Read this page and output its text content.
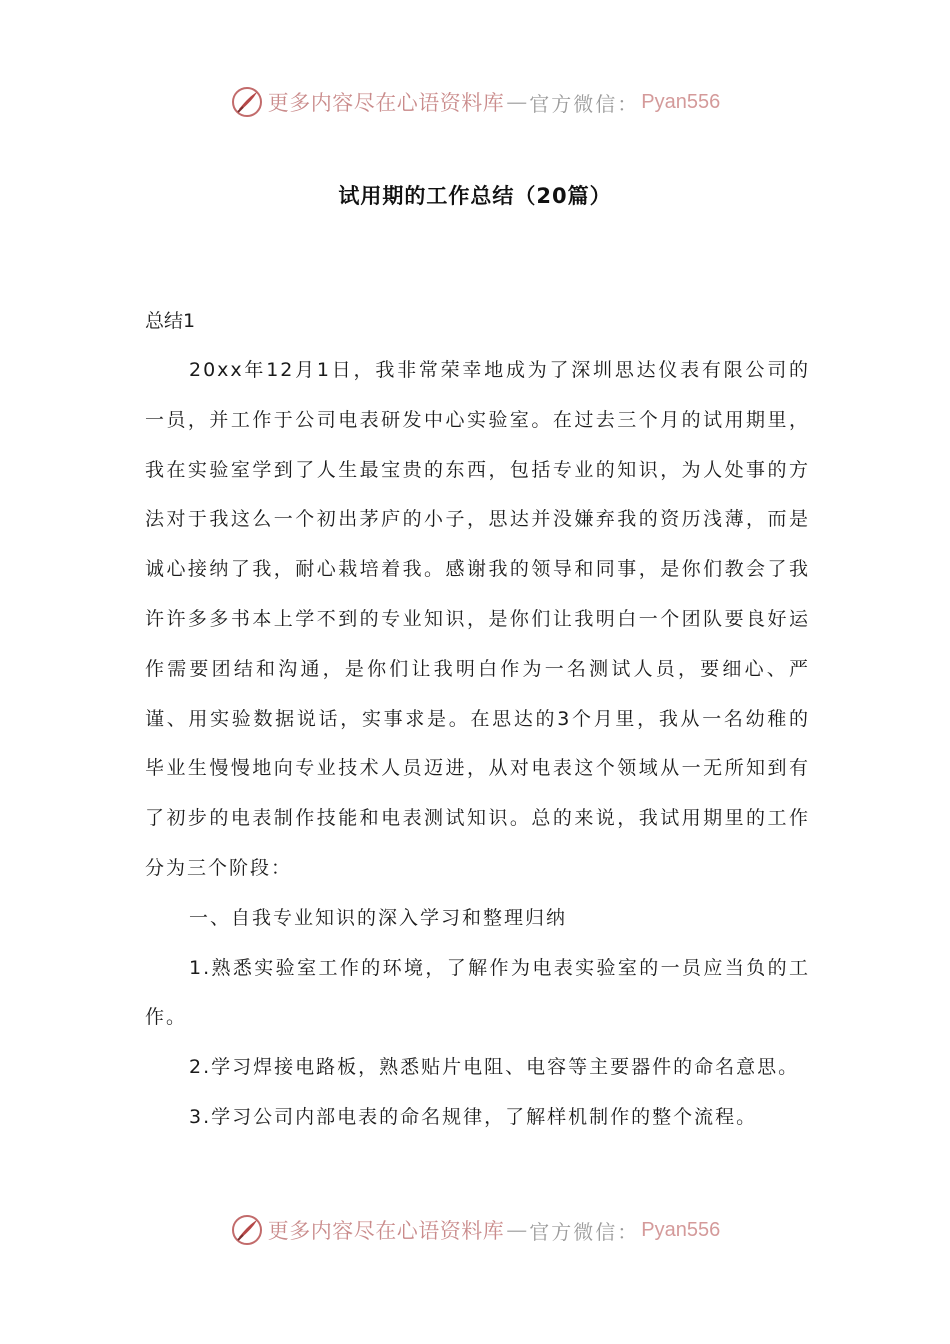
更多内容尽在心语资料库 — 官方微信： Pyan556
试用期的工作总结（20篇）
总结1

20xx年12月1日，我非常荣幸地成为了深圳思达仪表有限公司的一员，并工作于公司电表研发中心实验室。在过去三个月的试用期里，我在实验室学到了人生最宝贵的东西，包括专业的知识，为人处事的方法对于我这么一个初出茅庐的小子，思达并没嫌弃我的资历浅薄，而是诚心接纳了我，耐心栽培着我。感谢我的领导和同事，是你们教会了我许许多多书本上学不到的专业知识，是你们让我明白一个团队要良好运作需要团结和沟通，是你们让我明白作为一名测试人员，要细心、严谨、用实验数据说话，实事求是。在思达的3个月里，我从一名幼稚的毕业生慢慢地向专业技术人员迈进，从对电表这个领域从一无所知到有了初步的电表制作技能和电表测试知识。总的来说，我试用期里的工作分为三个阶段：

一、自我专业知识的深入学习和整理归纳

1.熟悉实验室工作的环境，了解作为电表实验室的一员应当负的工作。

2.学习焊接电路板，熟悉贴片电阻、电容等主要器件的命名意思。

3.学习公司内部电表的命名规律，了解样机制作的整个流程。

更多内容尽在心语资料库 — 官方微信： Pyan556
